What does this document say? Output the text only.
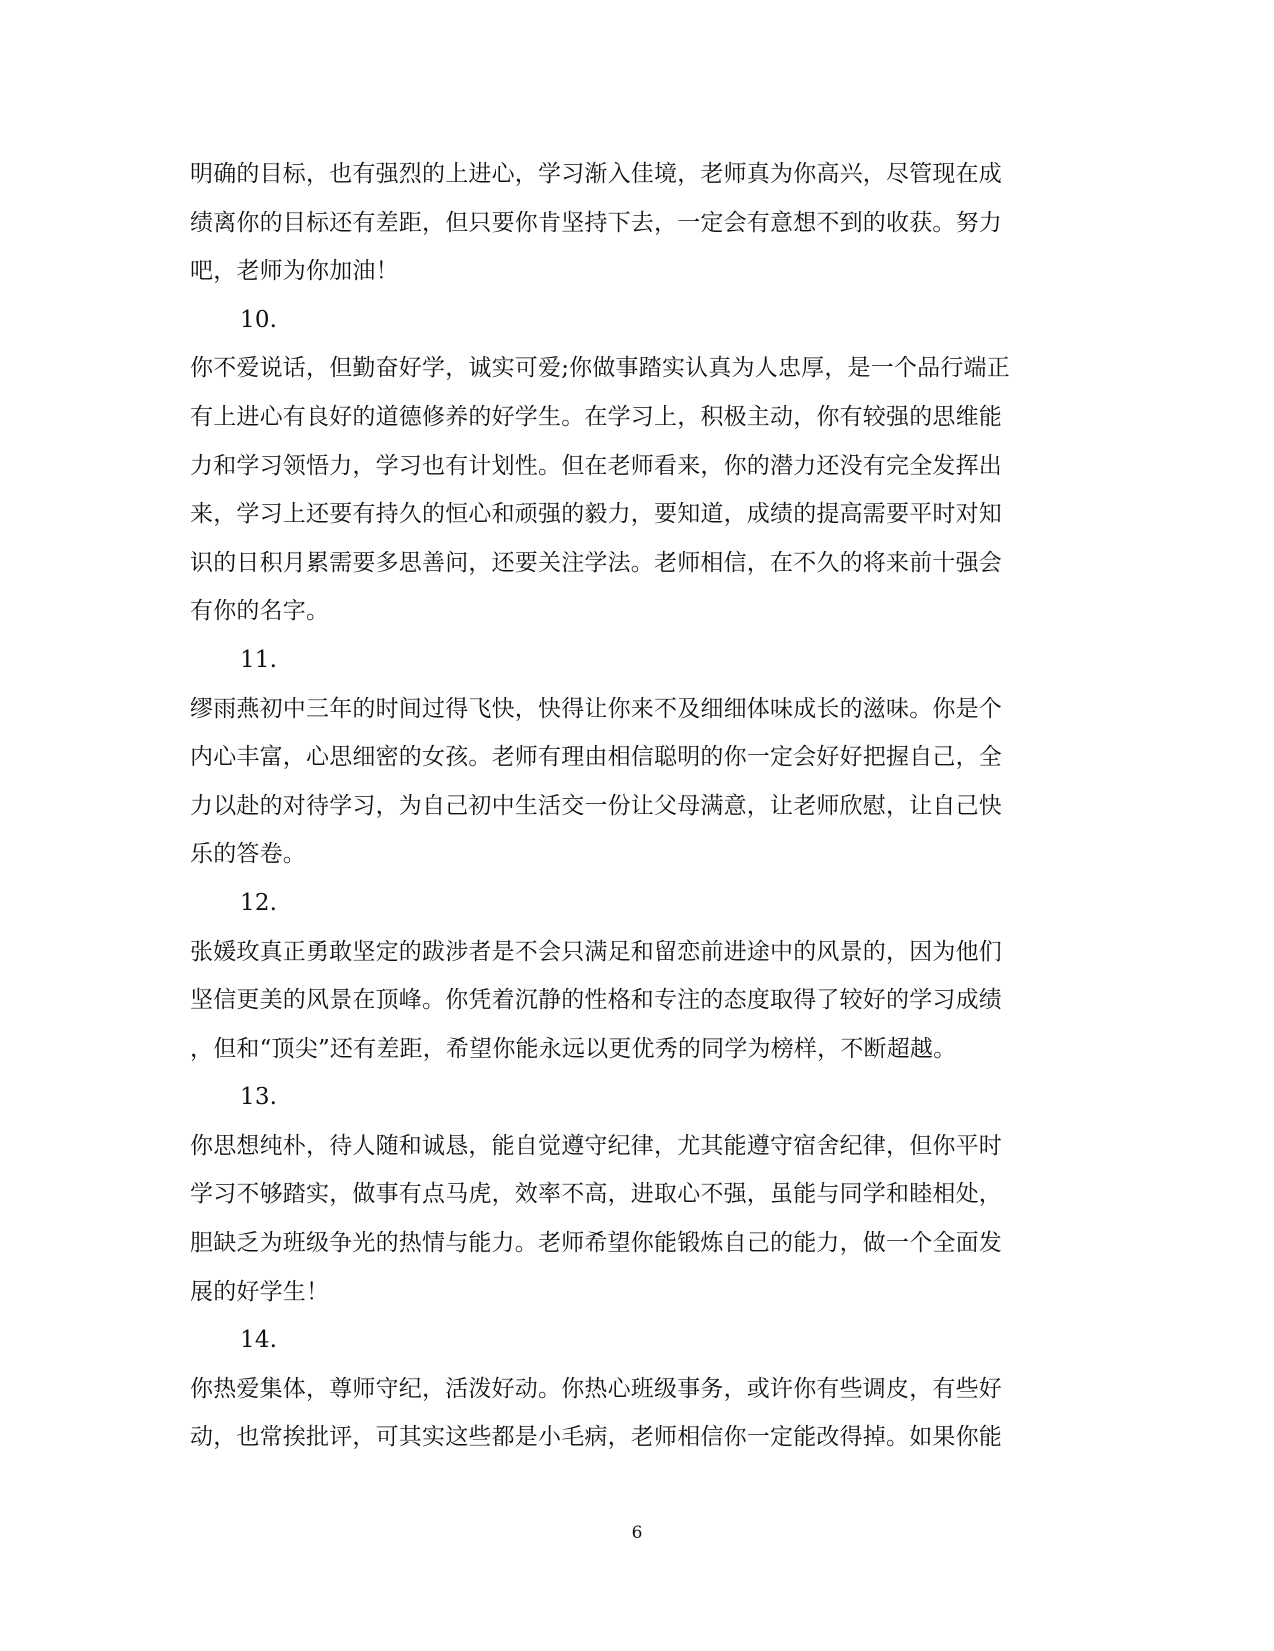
明确的目标，也有强烈的上进心，学习渐入佳境，老师真为你高兴，尽管现在成
绩离你的目标还有差距，但只要你肯坚持下去，一定会有意想不到的收获。努力
吧，老师为你加油！
10.
你不爱说话，但勤奋好学，诚实可爱;你做事踏实认真为人忠厚，是一个品行端正
有上进心有良好的道德修养的好学生。在学习上，积极主动，你有较强的思维能
力和学习领悟力，学习也有计划性。但在老师看来，你的潜力还没有完全发挥出
来，学习上还要有持久的恒心和顽强的毅力，要知道，成绩的提高需要平时对知
识的日积月累需要多思善问，还要关注学法。老师相信，在不久的将来前十强会
有你的名字。
11.
缪雨燕初中三年的时间过得飞快，快得让你来不及细细体味成长的滋味。你是个
内心丰富，心思细密的女孩。老师有理由相信聪明的你一定会好好把握自己，全
力以赴的对待学习，为自己初中生活交一份让父母满意，让老师欣慰，让自己快
乐的答卷。
12.
张媛玫真正勇敢坚定的跋涉者是不会只满足和留恋前进途中的风景的，因为他们
坚信更美的风景在顶峰。你凭着沉静的性格和专注的态度取得了较好的学习成绩
，但和“顶尖”还有差距，希望你能永远以更优秀的同学为榜样，不断超越。
13.
你思想纯朴，待人随和诚恳，能自觉遵守纪律，尤其能遵守宿舍纪律，但你平时
学习不够踏实，做事有点马虎，效率不高，进取心不强，虽能与同学和睦相处，
胆缺乏为班级争光的热情与能力。老师希望你能锻炼自己的能力，做一个全面发
展的好学生！
14.
你热爱集体，尊师守纪，活泼好动。你热心班级事务，或许你有些调皮，有些好
动，也常挨批评，可其实这些都是小毛病，老师相信你一定能改得掉。如果你能
6
